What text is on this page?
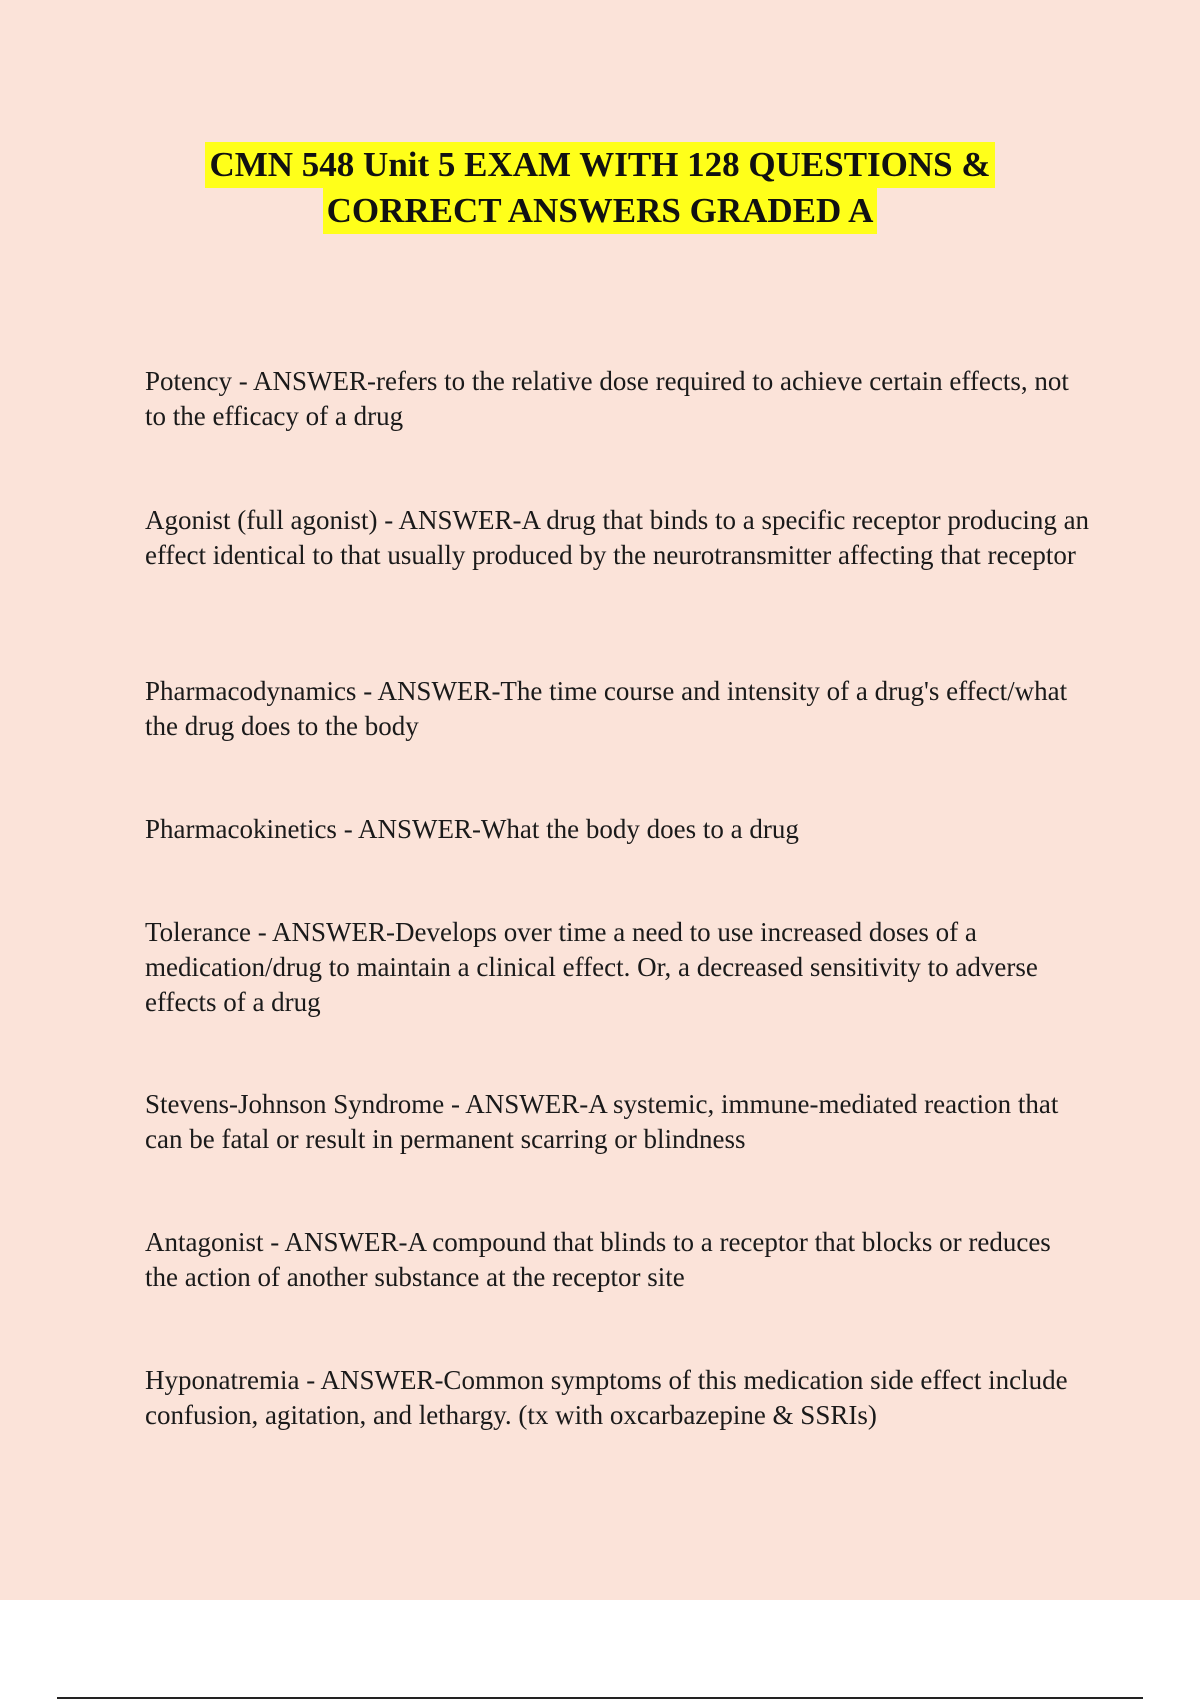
CMN 548 Unit 5 EXAM WITH 128 QUESTIONS &
CORRECT ANSWERS GRADED A

Potency - ANSWER-refers to the relative dose required to achieve certain effects, not to the efficacy of a drug

Agonist (full agonist) - ANSWER-A drug that binds to a specific receptor producing an effect identical to that usually produced by the neurotransmitter affecting that receptor

Pharmacodynamics - ANSWER-The time course and intensity of a drug's effect/what the drug does to the body

Pharmacokinetics - ANSWER-What the body does to a drug

Tolerance - ANSWER-Develops over time a need to use increased doses of a medication/drug to maintain a clinical effect. Or, a decreased sensitivity to adverse effects of a drug

Stevens-Johnson Syndrome - ANSWER-A systemic, immune-mediated reaction that can be fatal or result in permanent scarring or blindness

Antagonist - ANSWER-A compound that blinds to a receptor that blocks or reduces the action of another substance at the receptor site

Hyponatremia - ANSWER-Common symptoms of this medication side effect include confusion, agitation, and lethargy. (tx with oxcarbazepine & SSRIs)
